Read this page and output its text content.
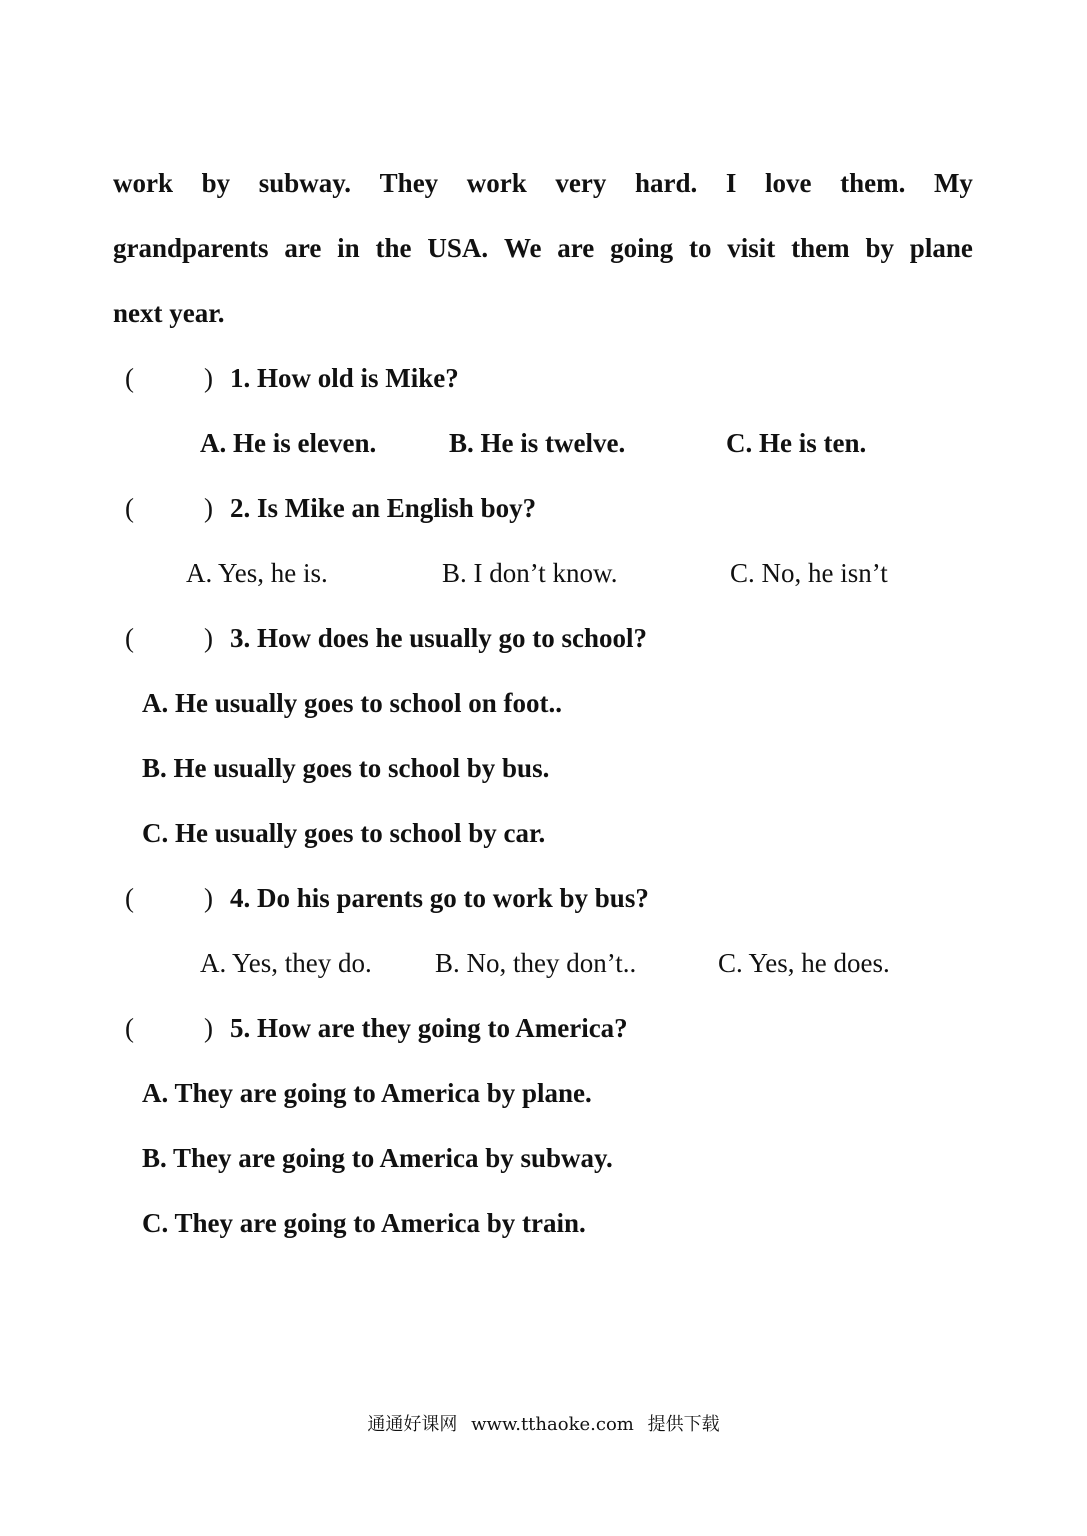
work by subway. They work very hard. I love them. My
grandparents are in the USA. We are going to visit them by plane
next year.
(	) 1. How old is Mike?
A. He is eleven.	B. He is twelve.	C. He is ten.
(	) 2. Is Mike an English boy?
A. Yes, he is.	B. I don’t know.	C. No, he isn’t
(	) 3. How does he usually go to school?
A. He usually goes to school on foot..
B. He usually goes to school by bus.
C. He usually goes to school by car.
(	) 4. Do his parents go to work by bus?
A. Yes, they do. B. No, they don’t..	C. Yes, he does.
(	) 5. How are they going to America?
A. They are going to America by plane.
B. They are going to America by subway.
C. They are going to America by train.
通通好课网 www.tthaoke.com 提供下载
